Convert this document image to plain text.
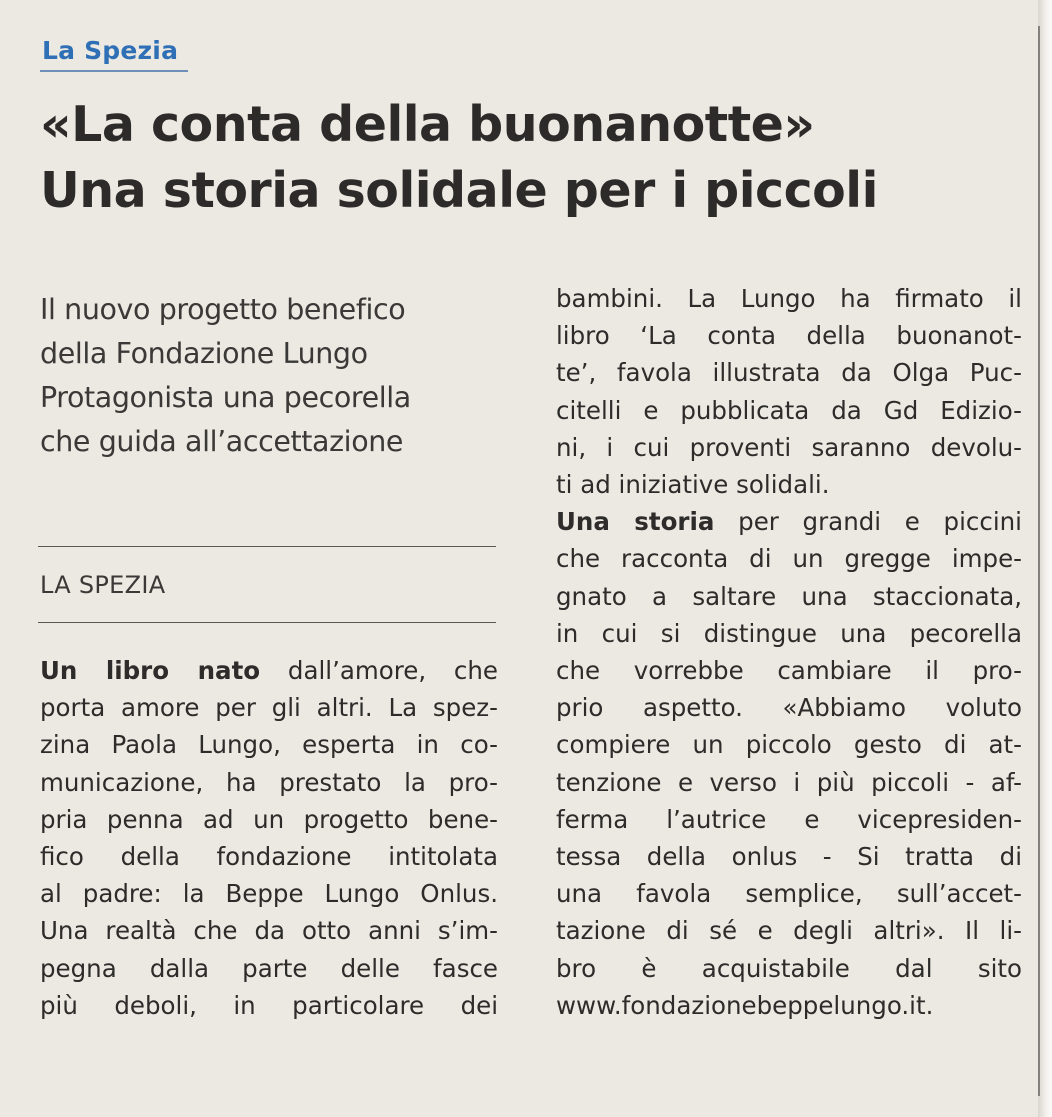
La Spezia
«La conta della buonanotte»
Una storia solidale per i piccoli
Il nuovo progetto benefico
della Fondazione Lungo
Protagonista una pecorella
che guida all’accettazione
LA SPEZIA
Un libro nato dall’amore, che
porta amore per gli altri. La spez-
zina Paola Lungo, esperta in co-
municazione, ha prestato la pro-
pria penna ad un progetto bene-
fico della fondazione intitolata
al padre: la Beppe Lungo Onlus.
Una realtà che da otto anni s’im-
pegna dalla parte delle fasce
più deboli, in particolare dei
bambini. La Lungo ha firmato il
libro ‘La conta della buonanot-
te’, favola illustrata da Olga Puc-
citelli e pubblicata da Gd Edizio-
ni, i cui proventi saranno devolu-
ti ad iniziative solidali.
Una storia per grandi e piccini
che racconta di un gregge impe-
gnato a saltare una staccionata,
in cui si distingue una pecorella
che vorrebbe cambiare il pro-
prio aspetto. «Abbiamo voluto
compiere un piccolo gesto di at-
tenzione e verso i più piccoli - af-
ferma l’autrice e vicepresiden-
tessa della onlus - Si tratta di
una favola semplice, sull’accet-
tazione di sé e degli altri». Il li-
bro è acquistabile dal sito
www.fondazionebeppelungo.it.
